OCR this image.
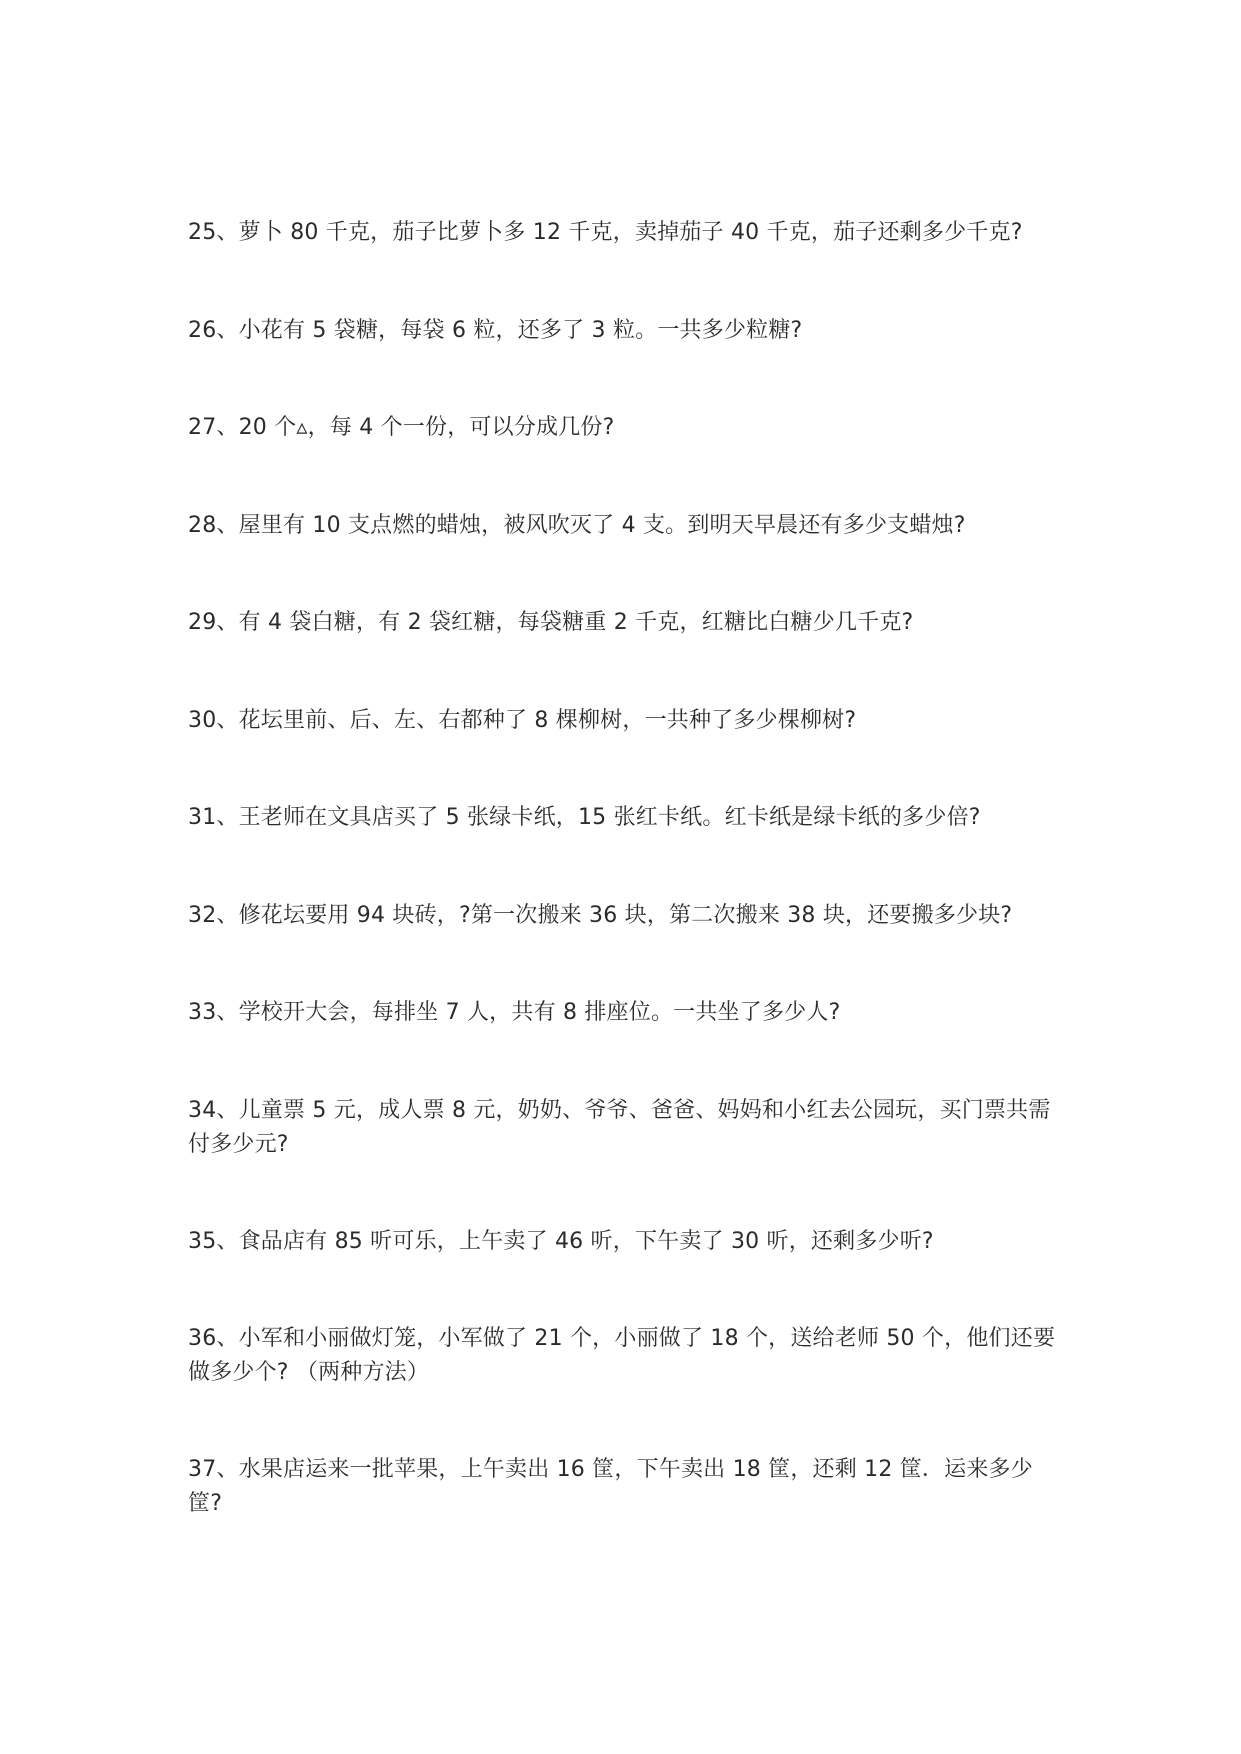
25、萝卜 80 千克，茄子比萝卜多 12 千克，卖掉茄子 40 千克，茄子还剩多少千克?

26、小花有 5 袋糖，每袋 6 粒，还多了 3 粒。一共多少粒糖?

27、20 个▵，每 4 个一份，可以分成几份?

28、屋里有 10 支点燃的蜡烛，被风吹灭了 4 支。到明天早晨还有多少支蜡烛?

29、有 4 袋白糖，有 2 袋红糖，每袋糖重 2 千克，红糖比白糖少几千克?

30、花坛里前、后、左、右都种了 8 棵柳树，一共种了多少棵柳树?

31、王老师在文具店买了 5 张绿卡纸，15 张红卡纸。红卡纸是绿卡纸的多少倍?

32、修花坛要用 94 块砖，?第一次搬来 36 块，第二次搬来 38 块，还要搬多少块?

33、学校开大会，每排坐 7 人，共有 8 排座位。一共坐了多少人?

34、儿童票 5 元，成人票 8 元，奶奶、爷爷、爸爸、妈妈和小红去公园玩，买门票共需付多少元?

35、食品店有 85 听可乐，上午卖了 46 听，下午卖了 30 听，还剩多少听?

36、小军和小丽做灯笼，小军做了 21 个，小丽做了 18 个，送给老师 50 个，他们还要做多少个? （两种方法）

37、水果店运来一批苹果，上午卖出 16 筐，下午卖出 18 筐，还剩 12 筐．运来多少筐?
